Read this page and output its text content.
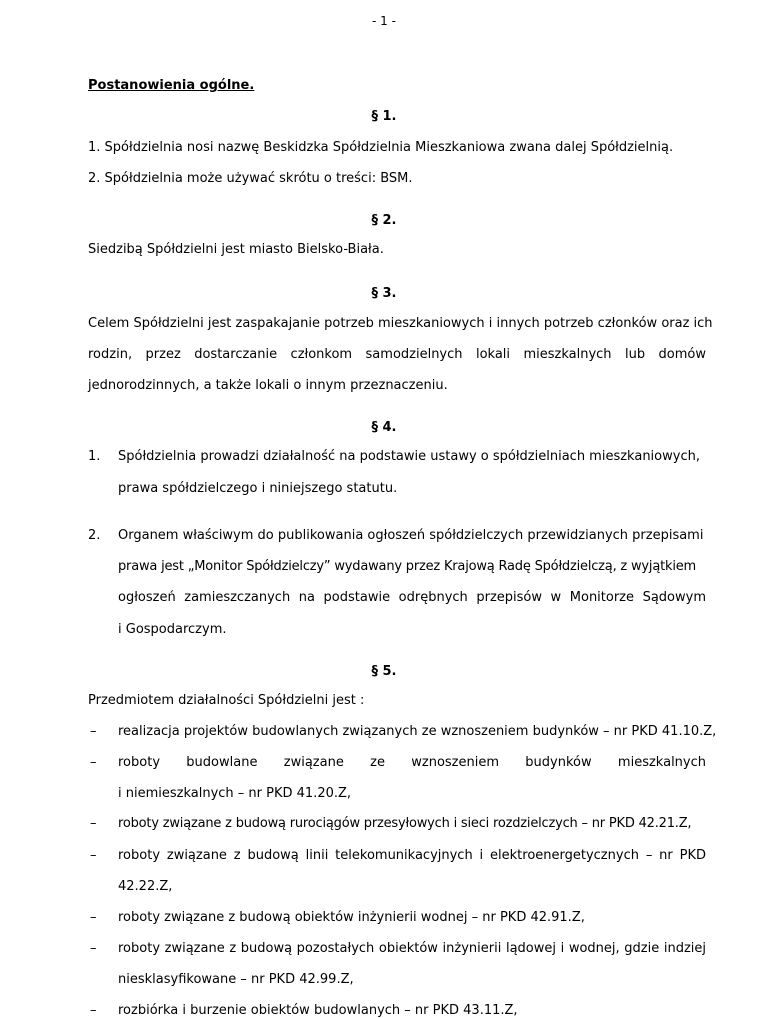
- 1 -
Postanowienia ogólne.
§ 1.
1. Spółdzielnia nosi nazwę Beskidzka Spółdzielnia Mieszkaniowa zwana dalej Spółdzielnią.
2. Spółdzielnia może używać skrótu o treści: BSM.
§ 2.
Siedzibą Spółdzielni jest miasto Bielsko-Biała.
§ 3.
Celem Spółdzielni jest zaspakajanie potrzeb mieszkaniowych i innych potrzeb członków oraz ich
rodzin, przez dostarczanie członkom samodzielnych lokali mieszkalnych lub domów
jednorodzinnych, a także lokali o innym przeznaczeniu.
§ 4.
1. Spółdzielnia prowadzi działalność na podstawie ustawy o spółdzielniach mieszkaniowych,
prawa spółdzielczego i niniejszego statutu.
2. Organem właściwym do publikowania ogłoszeń spółdzielczych przewidzianych przepisami
prawa jest „Monitor Spółdzielczy” wydawany przez Krajową Radę Spółdzielczą, z wyjątkiem
ogłoszeń zamieszczanych na podstawie odrębnych przepisów w Monitorze Sądowym
i Gospodarczym.
§ 5.
Przedmiotem działalności Spółdzielni jest :
– realizacja projektów budowlanych związanych ze wznoszeniem budynków – nr PKD 41.10.Z,
– roboty budowlane związane ze wznoszeniem budynków mieszkalnych
i niemieszkalnych – nr PKD 41.20.Z,
– roboty związane z budową rurociągów przesyłowych i sieci rozdzielczych – nr PKD 42.21.Z,
– roboty związane z budową linii telekomunikacyjnych i elektroenergetycznych – nr PKD
42.22.Z,
– roboty związane z budową obiektów inżynierii wodnej – nr PKD 42.91.Z,
– roboty związane z budową pozostałych obiektów inżynierii lądowej i wodnej, gdzie indziej
niesklasyfikowane – nr PKD 42.99.Z,
– rozbiórka i burzenie obiektów budowlanych – nr PKD 43.11.Z,
